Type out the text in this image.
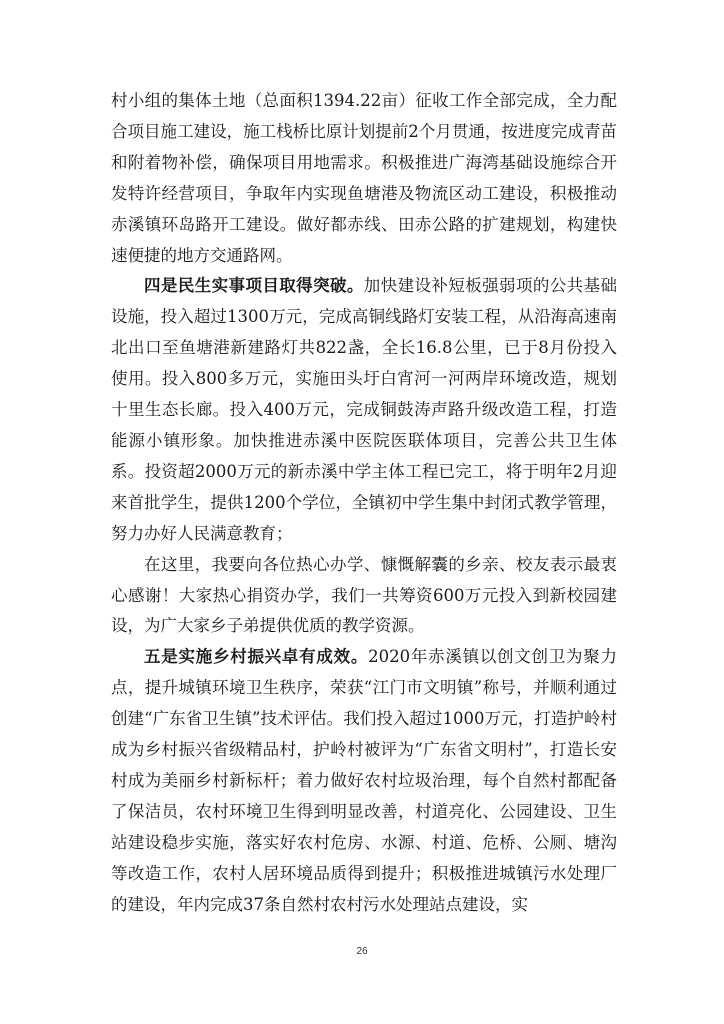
村小组的集体土地（总面积1394.22亩）征收工作全部完成，全力配合项目施工建设，施工栈桥比原计划提前2个月贯通，按进度完成青苗和附着物补偿，确保项目用地需求。积极推进广海湾基础设施综合开发特许经营项目，争取年内实现鱼塘港及物流区动工建设，积极推动赤溪镇环岛路开工建设。做好都赤线、田赤公路的扩建规划，构建快速便捷的地方交通路网。

四是民生实事项目取得突破。加快建设补短板强弱项的公共基础设施，投入超过1300万元，完成高铜线路灯安装工程，从沿海高速南北出口至鱼塘港新建路灯共822盏，全长16.8公里，已于8月份投入使用。投入800多万元，实施田头圩白宵河一河两岸环境改造，规划十里生态长廊。投入400万元，完成铜鼓涛声路升级改造工程，打造能源小镇形象。加快推进赤溪中医院医联体项目，完善公共卫生体系。投资超2000万元的新赤溪中学主体工程已完工，将于明年2月迎来首批学生，提供1200个学位，全镇初中学生集中封闭式教学管理，努力办好人民满意教育；

在这里，我要向各位热心办学、慷慨解囊的乡亲、校友表示最衷心感谢！大家热心捐资办学，我们一共筹资600万元投入到新校园建设，为广大家乡子弟提供优质的教学资源。

五是实施乡村振兴卓有成效。2020年赤溪镇以创文创卫为聚力点，提升城镇环境卫生秩序，荣获“江门市文明镇”称号，并顺利通过创建“广东省卫生镇”技术评估。我们投入超过1000万元，打造护岭村成为乡村振兴省级精品村，护岭村被评为“广东省文明村”，打造长安村成为美丽乡村新标杆；着力做好农村垃圾治理，每个自然村都配备了保洁员，农村环境卫生得到明显改善，村道亮化、公园建设、卫生站建设稳步实施，落实好农村危房、水源、村道、危桥、公厕、塘沟等改造工作，农村人居环境品质得到提升；积极推进城镇污水处理厂的建设，年内完成37条自然村农村污水处理站点建设，实

26
